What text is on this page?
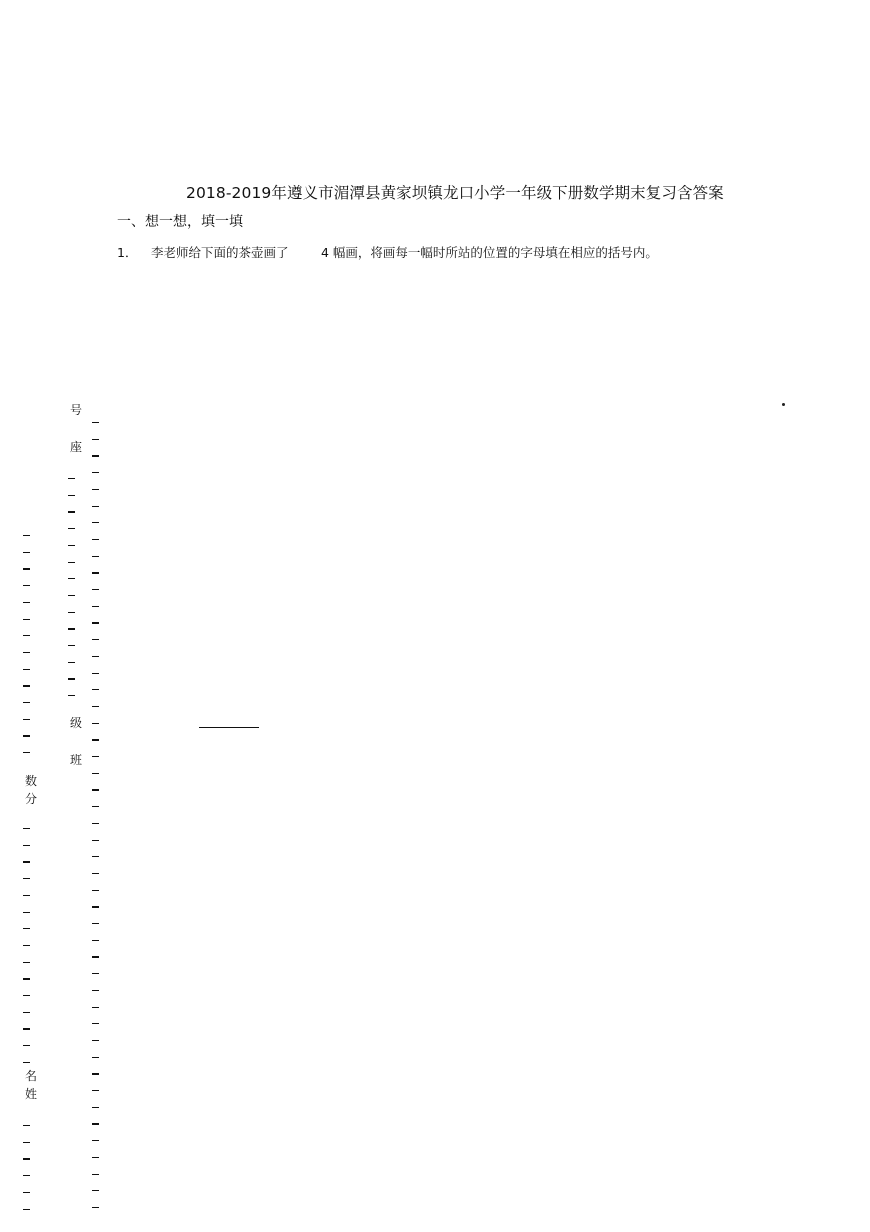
2018-2019年遵义市湄潭县黄家坝镇龙口小学一年级下册数学期末复习含答案
一、想一想，填一填
1． 李老师给下面的茶壶画了	4 幅画，将画每一幅时所站的位置的字母填在相应的括号内。
号
座
级
班
数
分
名
姓
